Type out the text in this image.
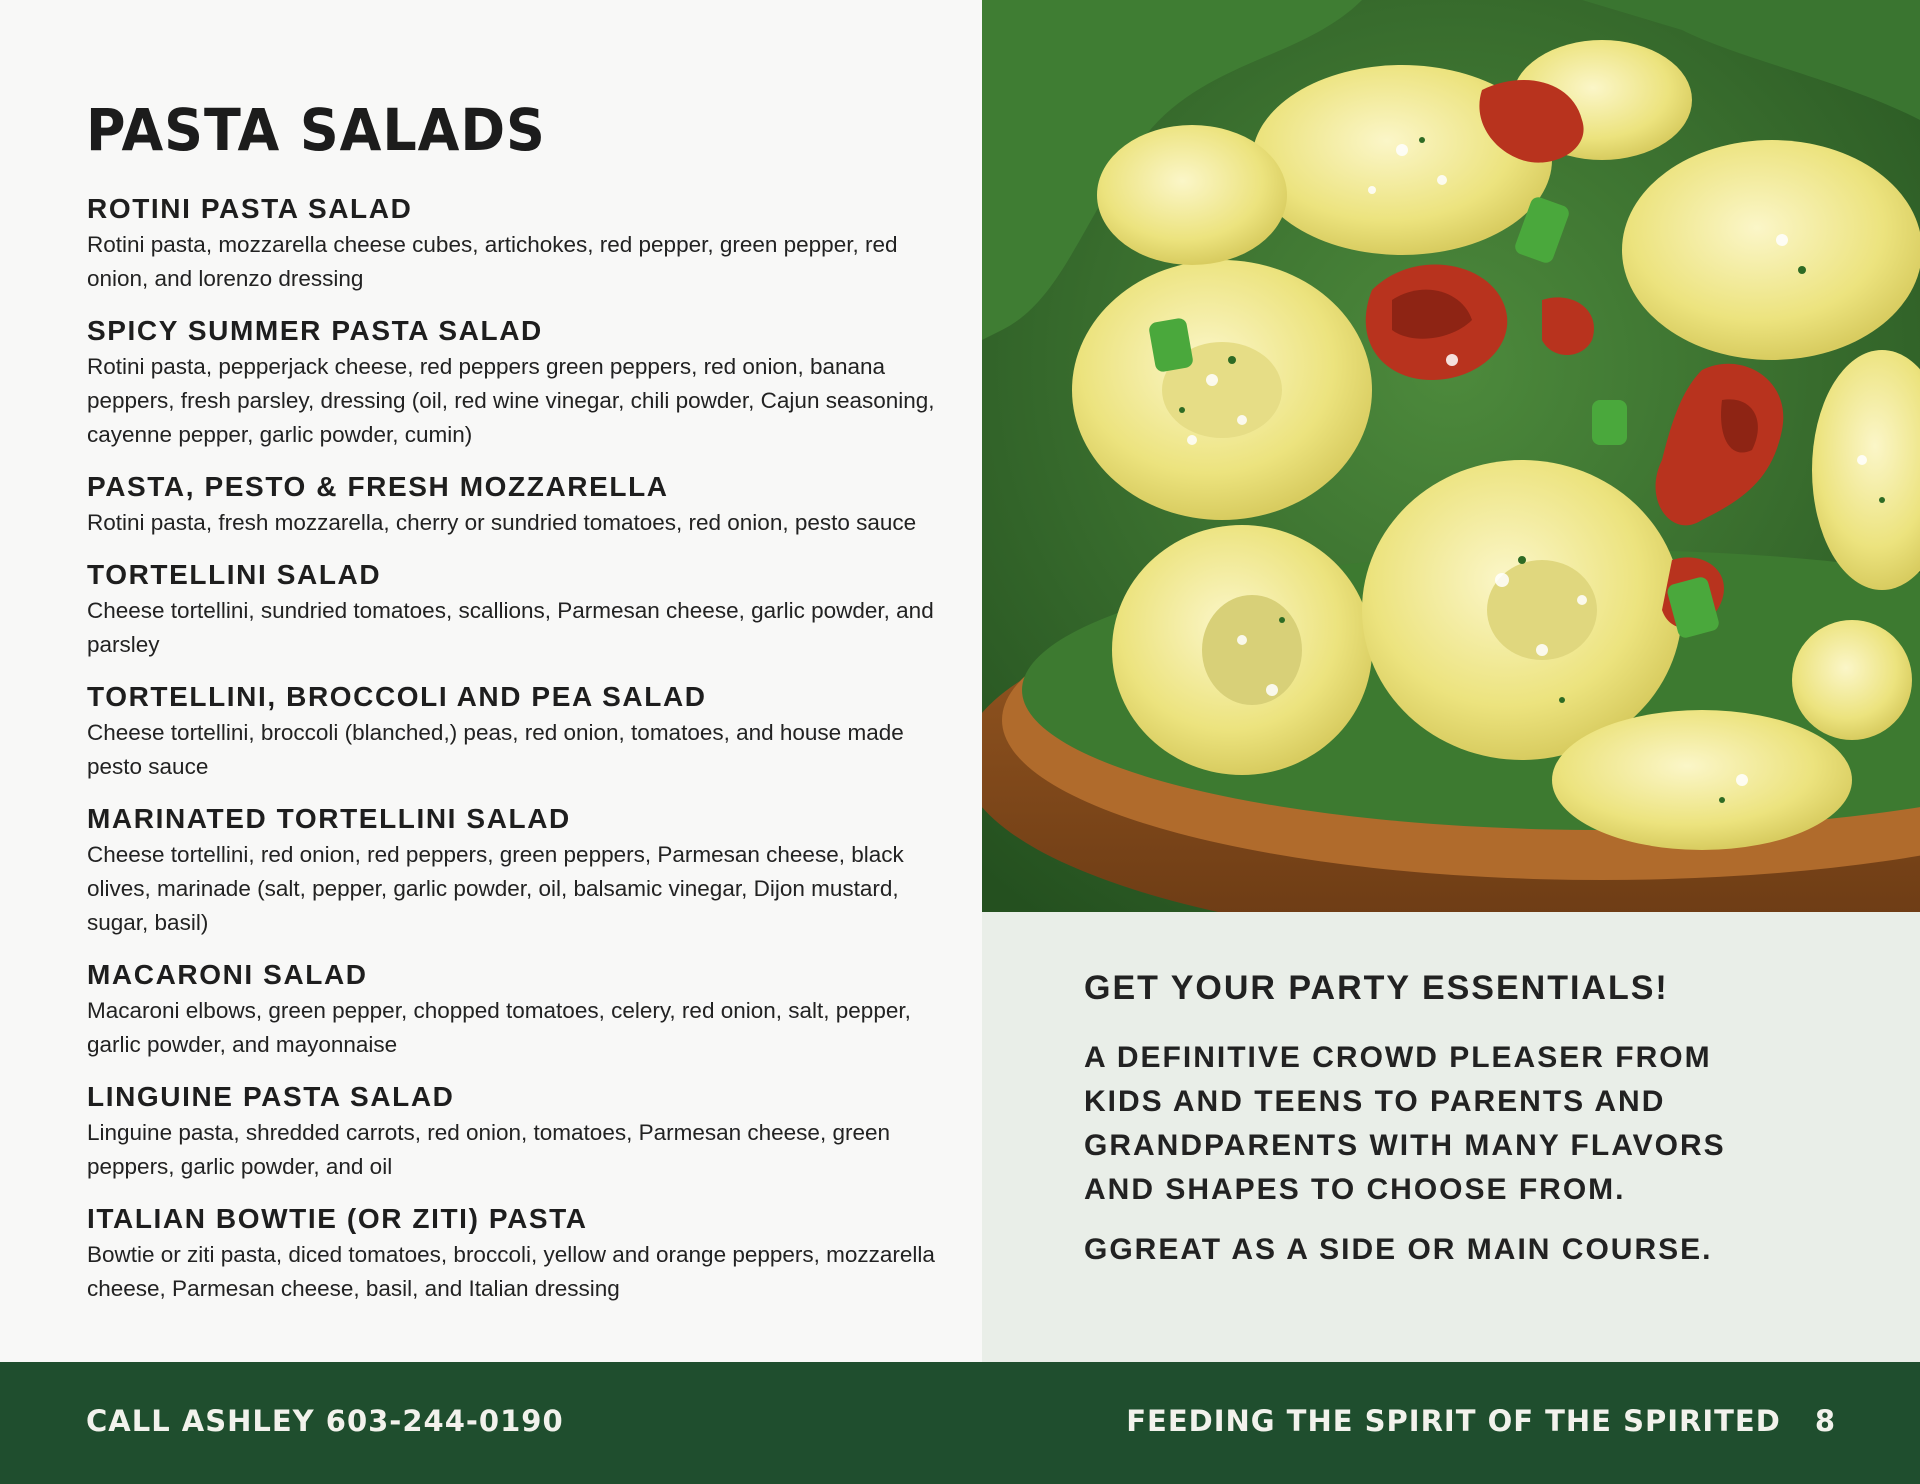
PASTA SALADS

ROTINI PASTA SALAD

Rotini pasta, mozzarella cheese cubes, artichokes, red pepper, green pepper, red onion, and lorenzo dressing

SPICY SUMMER PASTA SALAD

Rotini pasta, pepperjack cheese, red peppers green peppers, red onion, banana peppers, fresh parsley, dressing (oil, red wine vinegar, chili powder, Cajun seasoning, cayenne pepper, garlic powder, cumin)

PASTA, PESTO & FRESH MOZZARELLA

Rotini pasta, fresh mozzarella, cherry or sundried tomatoes, red onion, pesto sauce

TORTELLINI SALAD

Cheese tortellini, sundried tomatoes, scallions, Parmesan cheese, garlic powder, and parsley

TORTELLINI, BROCCOLI AND PEA SALAD

Cheese tortellini, broccoli (blanched,) peas, red onion, tomatoes, and house made pesto sauce

MARINATED TORTELLINI SALAD

Cheese tortellini, red onion, red peppers, green peppers, Parmesan cheese, black olives, marinade (salt, pepper, garlic powder, oil, balsamic vinegar, Dijon mustard, sugar, basil)

MACARONI SALAD

Macaroni elbows, green pepper, chopped tomatoes, celery, red onion, salt, pepper, garlic powder, and mayonnaise

LINGUINE PASTA SALAD

Linguine pasta, shredded carrots, red onion, tomatoes, Parmesan cheese, green peppers, garlic powder, and oil

ITALIAN BOWTIE (OR ZITI) PASTA

Bowtie or ziti pasta, diced tomatoes, broccoli, yellow and orange peppers, mozzarella cheese, Parmesan cheese, basil, and Italian dressing

GET YOUR PARTY ESSENTIALS!

A DEFINITIVE CROWD PLEASER FROM

KIDS AND TEENS TO PARENTS AND

GRANDPARENTS WITH MANY FLAVORS

AND SHAPES TO CHOOSE FROM.

GGREAT AS A SIDE OR MAIN COURSE.

CALL ASHLEY 603-244-0190	FEEDING THE SPIRIT OF THE SPIRITED 8
